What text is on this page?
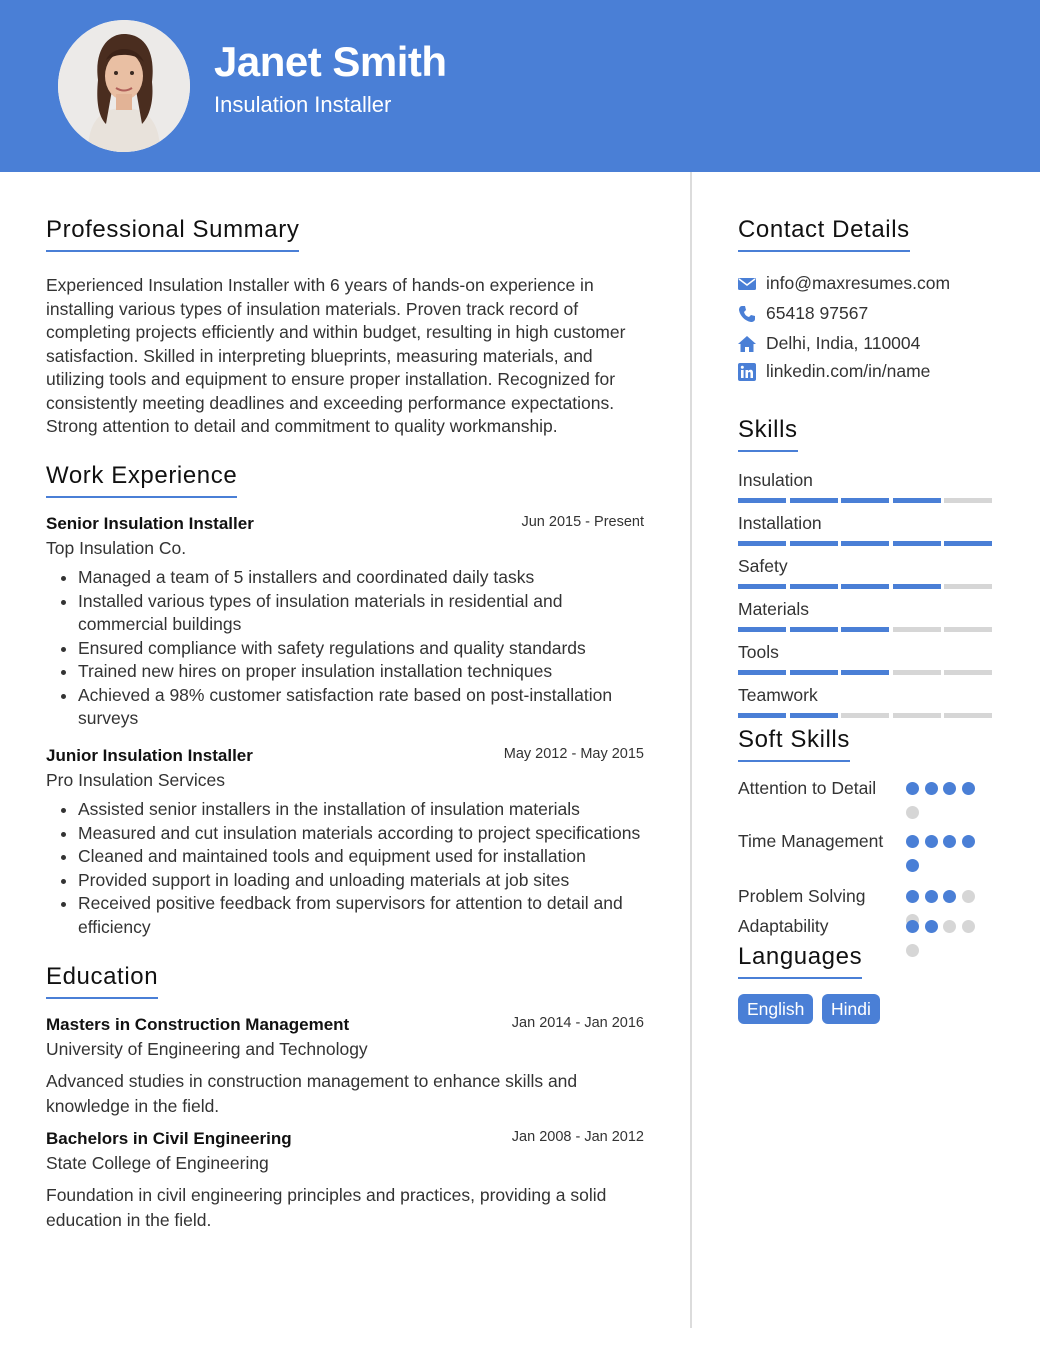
Janet Smith
Insulation Installer
Professional Summary

Experienced Insulation Installer with 6 years of hands-on experience in installing various types of insulation materials. Proven track record of completing projects efficiently and within budget, resulting in high customer satisfaction. Skilled in interpreting blueprints, measuring materials, and utilizing tools and equipment to ensure proper installation. Recognized for consistently meeting deadlines and exceeding performance expectations. Strong attention to detail and commitment to quality workmanship.

Work Experience
Senior Insulation Installer	Jun 2015 - Present
Top Insulation Co.
• Managed a team of 5 installers and coordinated daily tasks
• Installed various types of insulation materials in residential and commercial buildings
• Ensured compliance with safety regulations and quality standards
• Trained new hires on proper insulation installation techniques
• Achieved a 98% customer satisfaction rate based on post-installation surveys
Junior Insulation Installer	May 2012 - May 2015
Pro Insulation Services
• Assisted senior installers in the installation of insulation materials
• Measured and cut insulation materials according to project specifications
• Cleaned and maintained tools and equipment used for installation
• Provided support in loading and unloading materials at job sites
• Received positive feedback from supervisors for attention to detail and efficiency
Education
Masters in Construction Management	Jan 2014 - Jan 2016
University of Engineering and Technology
Advanced studies in construction management to enhance skills and knowledge in the field.
Bachelors in Civil Engineering	Jan 2008 - Jan 2012
State College of Engineering
Foundation in civil engineering principles and practices, providing a solid education in the field.
Contact Details
info@maxresumes.com
65418 97567
Delhi, India, 110004
linkedin.com/in/name
Skills
Insulation
Installation
Safety
Materials
Tools
Teamwork
Soft Skills
Attention to Detail
Time Management
Problem Solving
Adaptability
Languages
English	Hindi
